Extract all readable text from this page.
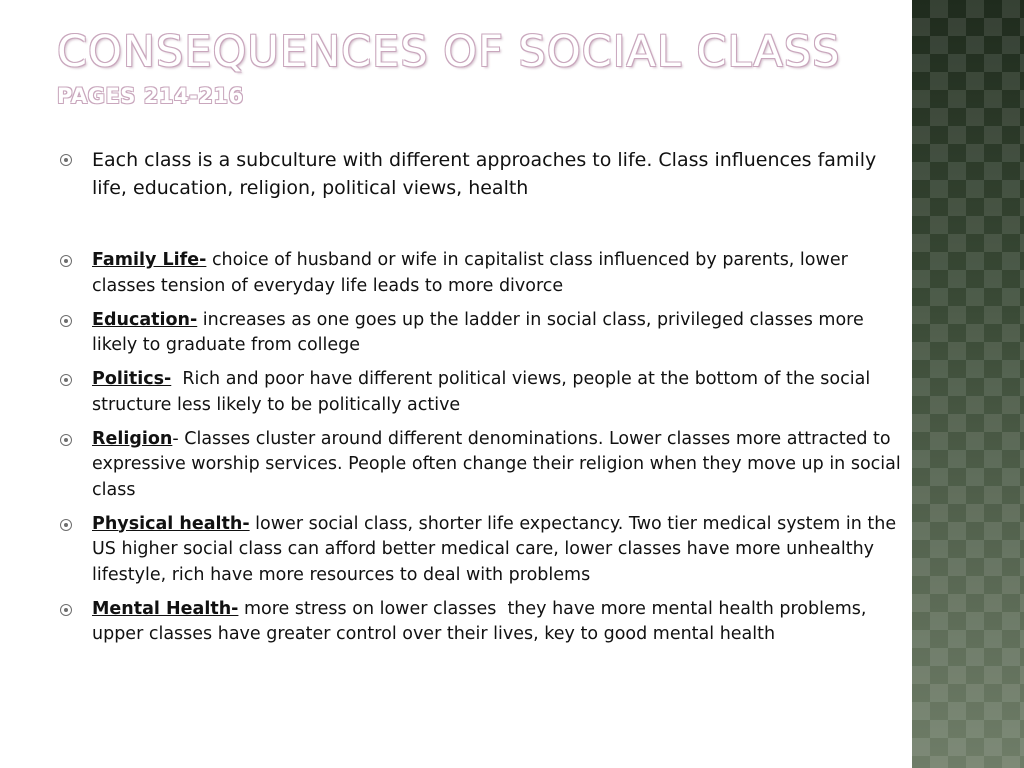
CONSEQUENCES OF SOCIAL CLASS
PAGES 214-216
Each class is a subculture with different approaches to life. Class influences family life, education, religion, political views, health
Family Life- choice of husband or wife in capitalist class influenced by parents, lower classes tension of everyday life leads to more divorce
Education- increases as one goes up the ladder in social class, privileged classes more likely to graduate from college
Politics-  Rich and poor have different political views, people at the bottom of the social structure less likely to be politically active
Religion- Classes cluster around different denominations. Lower classes more attracted to expressive worship services. People often change their religion when they move up in social class
Physical health- lower social class, shorter life expectancy. Two tier medical system in the US higher social class can afford better medical care, lower classes have more unhealthy lifestyle, rich have more resources to deal with problems
Mental Health- more stress on lower classes  they have more mental health problems, upper classes have greater control over their lives, key to good mental health
